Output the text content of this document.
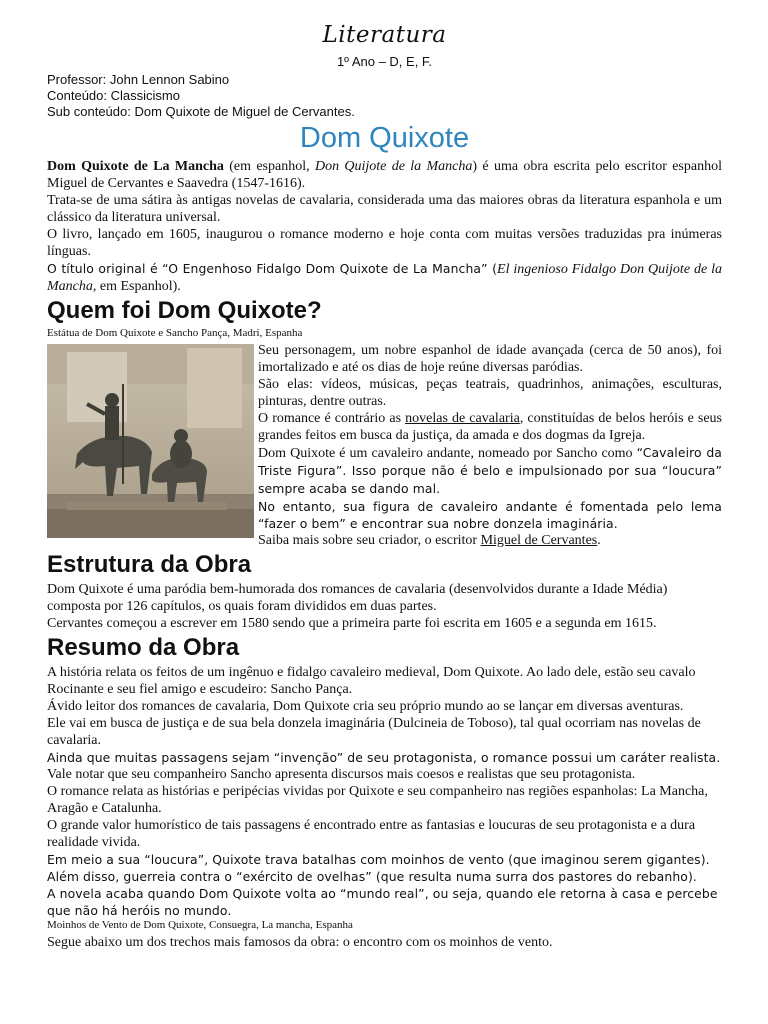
Literatura
1º Ano – D, E, F.
Professor: John Lennon Sabino
Conteúdo: Classicismo
Sub conteúdo: Dom Quixote de Miguel de Cervantes.
Dom Quixote

Dom Quixote de La Mancha (em espanhol, Don Quijote de la Mancha) é uma obra escrita pelo escritor espanhol Miguel de Cervantes e Saavedra (1547-1616).

Trata-se de uma sátira às antigas novelas de cavalaria, considerada uma das maiores obras da literatura espanhola e um clássico da literatura universal.

O livro, lançado em 1605, inaugurou o romance moderno e hoje conta com muitas versões traduzidas pra inúmeras línguas.

O título original é “O Engenhoso Fidalgo Dom Quixote de La Mancha” (El ingenioso Fidalgo Don Quijote de la Mancha, em Espanhol).

Quem foi Dom Quixote?
Estátua de Dom Quixote e Sancho Pança, Madri, Espanha

Seu personagem, um nobre espanhol de idade avançada (cerca de 50 anos), foi imortalizado e até os dias de hoje reúne diversas paródias.

São elas: vídeos, músicas, peças teatrais, quadrinhos, animações, esculturas, pinturas, dentre outras.

O romance é contrário as novelas de cavalaria, constituídas de belos heróis e seus grandes feitos em busca da justiça, da amada e dos dogmas da Igreja.

Dom Quixote é um cavaleiro andante, nomeado por Sancho como “Cavaleiro da Triste Figura”. Isso porque não é belo e impulsionado por sua “loucura” sempre acaba se dando mal.

No entanto, sua figura de cavaleiro andante é fomentada pelo lema “fazer o bem” e encontrar sua nobre donzela imaginária.

Saiba mais sobre seu criador, o escritor Miguel de Cervantes.

Estrutura da Obra

Dom Quixote é uma paródia bem-humorada dos romances de cavalaria (desenvolvidos durante a Idade Média) composta por 126 capítulos, os quais foram divididos em duas partes.

Cervantes começou a escrever em 1580 sendo que a primeira parte foi escrita em 1605 e a segunda em 1615.

Resumo da Obra

A história relata os feitos de um ingênuo e fidalgo cavaleiro medieval, Dom Quixote. Ao lado dele, estão seu cavalo Rocinante e seu fiel amigo e escudeiro: Sancho Pança.

Ávido leitor dos romances de cavalaria, Dom Quixote cria seu próprio mundo ao se lançar em diversas aventuras.

Ele vai em busca de justiça e de sua bela donzela imaginária (Dulcineia de Toboso), tal qual ocorriam nas novelas de cavalaria.

Ainda que muitas passagens sejam “invenção” de seu protagonista, o romance possui um caráter realista.

Vale notar que seu companheiro Sancho apresenta discursos mais coesos e realistas que seu protagonista.

O romance relata as histórias e peripécias vividas por Quixote e seu companheiro nas regiões espanholas: La Mancha, Aragão e Catalunha.

O grande valor humorístico de tais passagens é encontrado entre as fantasias e loucuras de seu protagonista e a dura realidade vivida.

Em meio a sua “loucura”, Quixote trava batalhas com moinhos de vento (que imaginou serem gigantes).

Além disso, guerreia contra o “exército de ovelhas” (que resulta numa surra dos pastores do rebanho).

A novela acaba quando Dom Quixote volta ao “mundo real”, ou seja, quando ele retorna à casa e percebe que não há heróis no mundo.

Moinhos de Vento de Dom Quixote, Consuegra, La mancha, Espanha

Segue abaixo um dos trechos mais famosos da obra: o encontro com os moinhos de vento.
